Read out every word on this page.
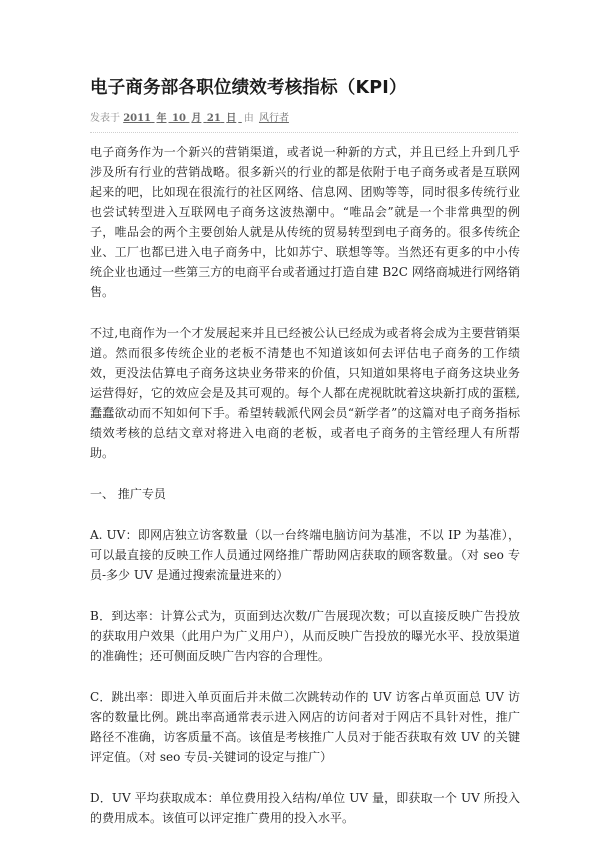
电子商务部各职位绩效考核指标（KPI）
发表于 2011 年 10 月 21 日 由 风行者

电子商务作为一个新兴的营销渠道，或者说一种新的方式，并且已经上升到几乎涉及所有行业的营销战略。很多新兴的行业的都是依附于电子商务或者是互联网起来的吧，比如现在很流行的社区网络、信息网、团购等等，同时很多传统行业也尝试转型进入互联网电子商务这波热潮中。“唯品会”就是一个非常典型的例子，唯品会的两个主要创始人就是从传统的贸易转型到电子商务的。很多传统企业、工厂也都已进入电子商务中，比如苏宁、联想等等。当然还有更多的中小传统企业也通过一些第三方的电商平台或者通过打造自建 B2C 网络商城进行网络销售。

不过,电商作为一个才发展起来并且已经被公认已经成为或者将会成为主要营销渠道。然而很多传统企业的老板不清楚也不知道该如何去评估电子商务的工作绩效，更没法估算电子商务这块业务带来的价值，只知道如果将电子商务这块业务运营得好，它的效应会是及其可观的。每个人都在虎视眈眈着这块新打成的蛋糕,蠢蠢欲动而不知如何下手。希望转载派代网会员“新学者”的这篇对电子商务指标绩效考核的总结文章对将进入电商的老板，或者电子商务的主管经理人有所帮助。

一、 推广专员

A. UV：即网店独立访客数量（以一台终端电脑访问为基准，不以 IP 为基准），可以最直接的反映工作人员通过网络推广帮助网店获取的顾客数量。（对 seo 专员-多少 UV 是通过搜索流量进来的）

B．到达率：计算公式为，页面到达次数/广告展现次数；可以直接反映广告投放的获取用户效果（此用户为广义用户），从而反映广告投放的曝光水平、投放渠道的准确性；还可侧面反映广告内容的合理性。

C．跳出率：即进入单页面后并未做二次跳转动作的 UV 访客占单页面总 UV 访客的数量比例。跳出率高通常表示进入网店的访问者对于网店不具针对性，推广路径不准确，访客质量不高。该值是考核推广人员对于能否获取有效 UV 的关键评定值。（对 seo 专员-关键词的设定与推广）

D．UV 平均获取成本：单位费用投入结构/单位 UV 量，即获取一个 UV 所投入的费用成本。该值可以评定推广费用的投入水平。
